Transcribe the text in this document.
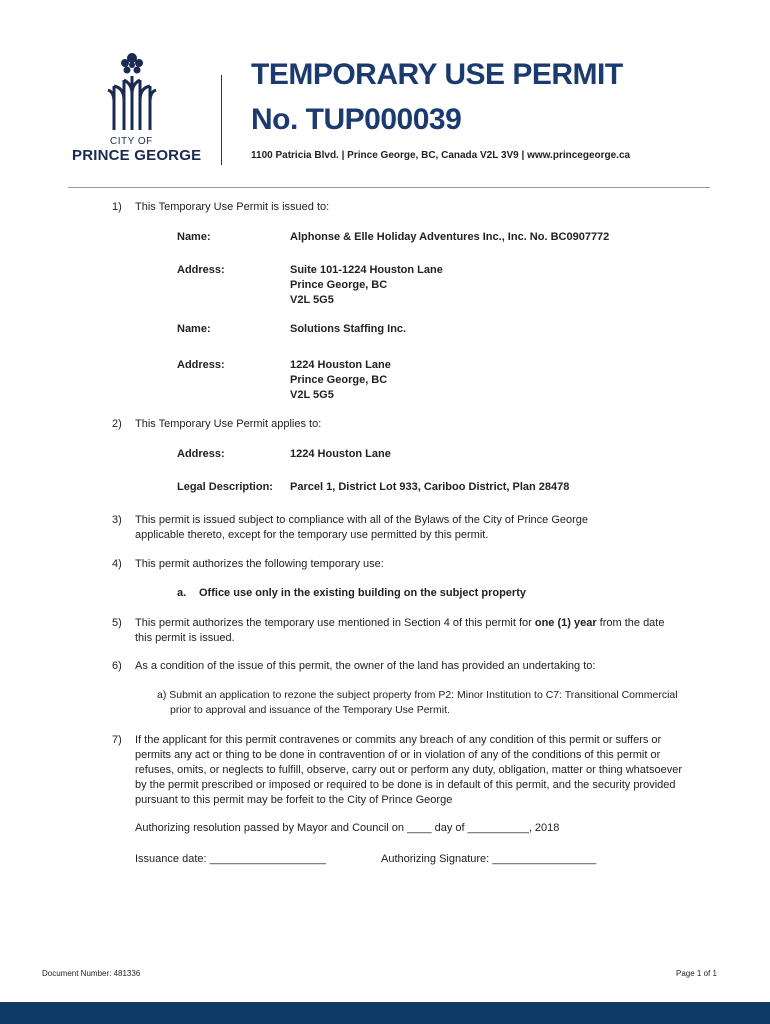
CITY OF
PRINCE GEORGE
TEMPORARY USE PERMIT
No. TUP000039
1100 Patricia Blvd. | Prince George, BC, Canada V2L 3V9 | www.princegeorge.ca
1) This Temporary Use Permit is issued to:
Name:	Alphonse & Elle Holiday Adventures Inc., Inc. No. BC0907772
Address:	Suite 101-1224 Houston Lane
Prince George, BC
V2L 5G5
Name:	Solutions Staffing Inc.
Address:	1224 Houston Lane
Prince George, BC
V2L 5G5
2) This Temporary Use Permit applies to:
Address:	1224 Houston Lane
Legal Description: Parcel 1, District Lot 933, Cariboo District, Plan 28478
3) This permit is issued subject to compliance with all of the Bylaws of the City of Prince George
applicable thereto, except for the temporary use permitted by this permit.
4) This permit authorizes the following temporary use:
a. Office use only in the existing building on the subject property
5) This permit authorizes the temporary use mentioned in Section 4 of this permit for one (1) year from the date
this permit is issued.
6) As a condition of the issue of this permit, the owner of the land has provided an undertaking to:
a) Submit an application to rezone the subject property from P2: Minor Institution to C7: Transitional Commercial
prior to approval and issuance of the Temporary Use Permit.
7) If the applicant for this permit contravenes or commits any breach of any condition of this permit or suffers or
permits any act or thing to be done in contravention of or in violation of any of the conditions of this permit or
refuses, omits, or neglects to fulfill, observe, carry out or perform any duty, obligation, matter or thing whatsoever
by the permit prescribed or imposed or required to be done is in default of this permit, and the security provided
pursuant to this permit may be forfeit to the City of Prince George
Authorizing resolution passed by Mayor and Council on ____ day of __________, 2018
Issuance date: ___________________	Authorizing Signature: _________________
Document Number: 481336	Page 1 of 1
